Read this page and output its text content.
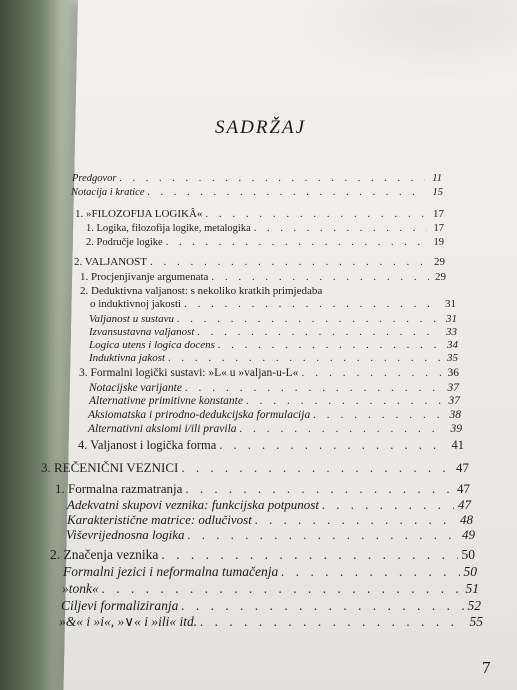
SADRŽAJ
Predgovor . . .	11
Notacija i kratice . . .	15
1. »FILOZOFIJA LOGIKÂ« . . .	17
1. Logika, filozofija logike, metalogika . . .	17
2. Područje logike . . .	19
2. VALJANOST . . .	29
1. Procjenjivanje argumenata . . .	29
2. Deduktivna valjanost: s nekoliko kratkih primjedaba
o induktivnoj jakosti . . .	31
Valjanost u sustavu . . .	31
Izvansustavna valjanost . . .	33
Logica utens i logica docens . . .	34
Induktivna jakost . . .	35
3. Formalni logički sustavi: »L« u »valjan-u-L« . . .	36
Notacijske varijante . . .	37
Alternativne primitivne konstante . . .	37
Aksiomatska i prirodno-dedukcijska formulacija . . .	38
Alternativni aksiomi i/ili pravila . . .	39
4. Valjanost i logička forma . . .	41
3. REČENIČNI VEZNICI . . .	47
1. Formalna razmatranja . . .	47
Adekvatni skupovi veznika: funkcijska potpunost . . .	47
Karakteristične matrice: odlučivost . . .	48
Viševrijednosna logika . . .	49
2. Značenja veznika . . .	50
Formalni jezici i neformalna tumačenja . . .	50
»tonk« . . .	51
Ciljevi formaliziranja . . .	52
»&« i »i«, »∨« i »ili« itd. . . .	55
7
